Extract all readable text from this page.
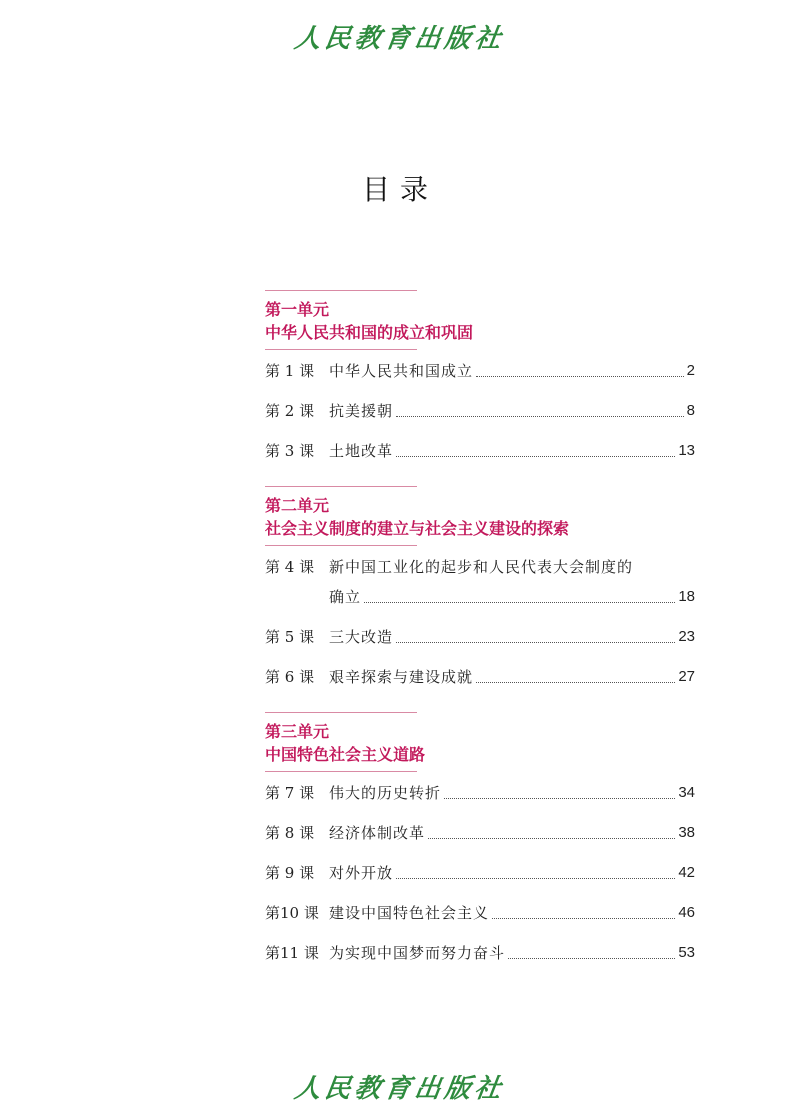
人民教育出版社
目录
第一单元
中华人民共和国的成立和巩固
第 1 课 中华人民共和国成立	2
第 2 课 抗美援朝	8
第 3 课 土地改革	13
第二单元
社会主义制度的建立与社会主义建设的探索
第 4 课 新中国工业化的起步和人民代表大会制度的
确立	18
第 5 课 三大改造	23
第 6 课 艰辛探索与建设成就	27
第三单元
中国特色社会主义道路
第 7 课 伟大的历史转折	34
第 8 课 经济体制改革	38
第 9 课 对外开放	42
第10 课 建设中国特色社会主义	46
第11 课 为实现中国梦而努力奋斗	53
人民教育出版社
